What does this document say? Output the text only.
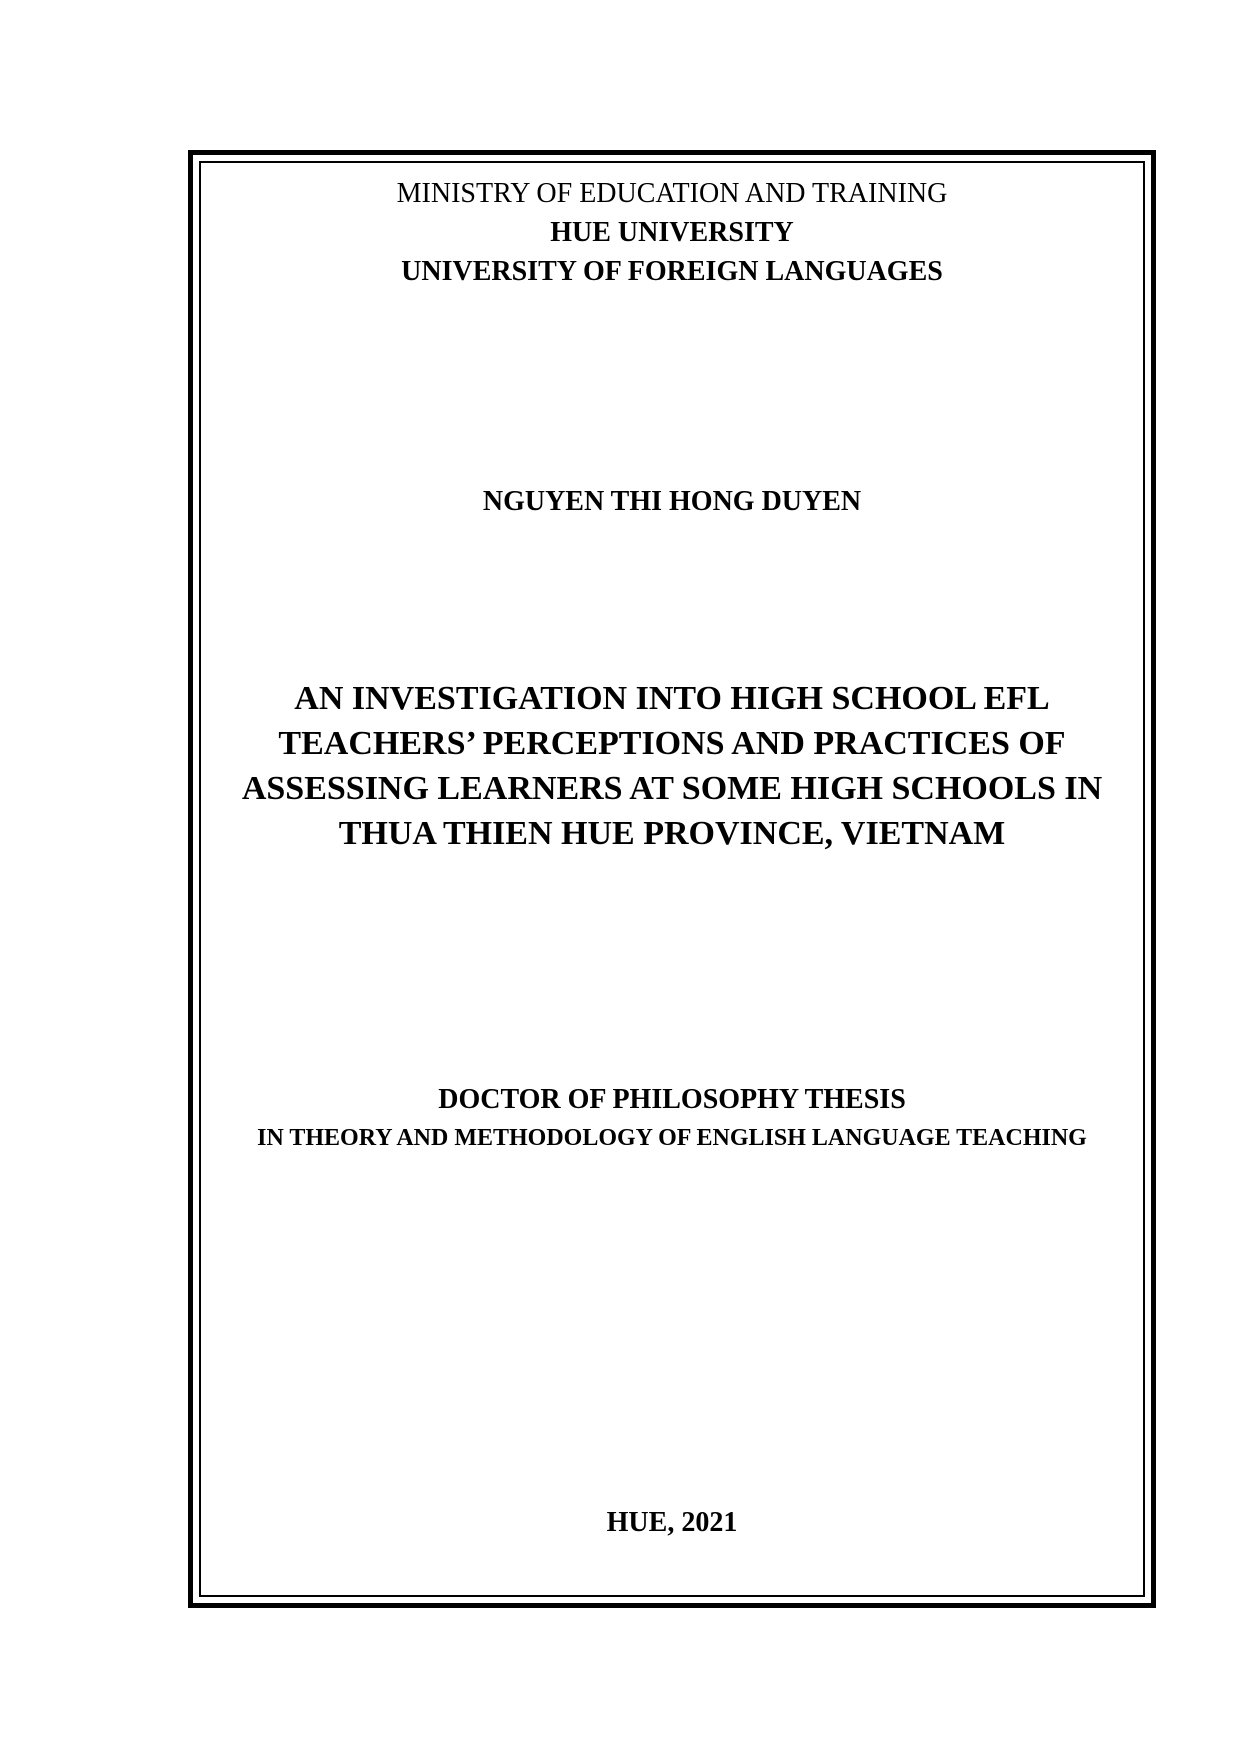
MINISTRY OF EDUCATION AND TRAINING

HUE UNIVERSITY

UNIVERSITY OF FOREIGN LANGUAGES

NGUYEN THI HONG DUYEN

AN INVESTIGATION INTO HIGH SCHOOL EFL
TEACHERS’ PERCEPTIONS AND PRACTICES OF
ASSESSING LEARNERS AT SOME HIGH SCHOOLS IN
THUA THIEN HUE PROVINCE, VIETNAM

DOCTOR OF PHILOSOPHY THESIS

IN THEORY AND METHODOLOGY OF ENGLISH LANGUAGE TEACHING

HUE, 2021
